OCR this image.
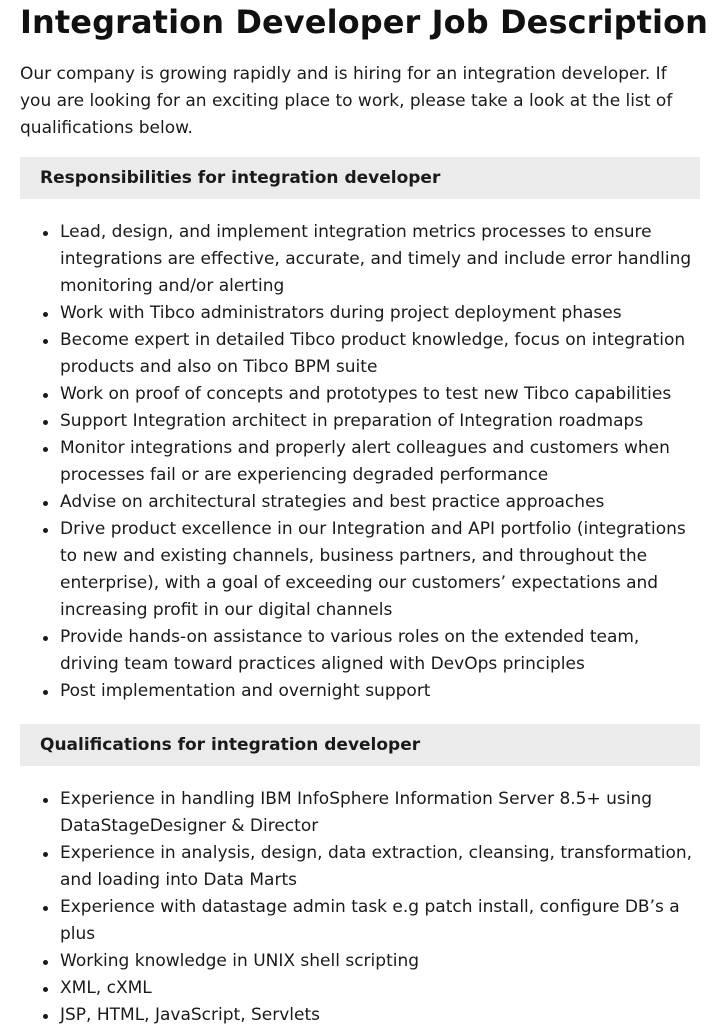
Integration Developer Job Description

Our company is growing rapidly and is hiring for an integration developer. If you are looking for an exciting place to work, please take a look at the list of qualifications below.

Responsibilities for integration developer
Lead, design, and implement integration metrics processes to ensure integrations are effective, accurate, and timely and include error handling monitoring and/or alerting
Work with Tibco administrators during project deployment phases
Become expert in detailed Tibco product knowledge, focus on integration products and also on Tibco BPM suite
Work on proof of concepts and prototypes to test new Tibco capabilities
Support Integration architect in preparation of Integration roadmaps
Monitor integrations and properly alert colleagues and customers when processes fail or are experiencing degraded performance
Advise on architectural strategies and best practice approaches
Drive product excellence in our Integration and API portfolio (integrations to new and existing channels, business partners, and throughout the enterprise), with a goal of exceeding our customers’ expectations and increasing profit in our digital channels
Provide hands-on assistance to various roles on the extended team, driving team toward practices aligned with DevOps principles
Post implementation and overnight support
Qualifications for integration developer
Experience in handling IBM InfoSphere Information Server 8.5+ using DataStageDesigner & Director
Experience in analysis, design, data extraction, cleansing, transformation, and loading into Data Marts
Experience with datastage admin task e.g patch install, configure DB’s a plus
Working knowledge in UNIX shell scripting
XML, cXML
JSP, HTML, JavaScript, Servlets
